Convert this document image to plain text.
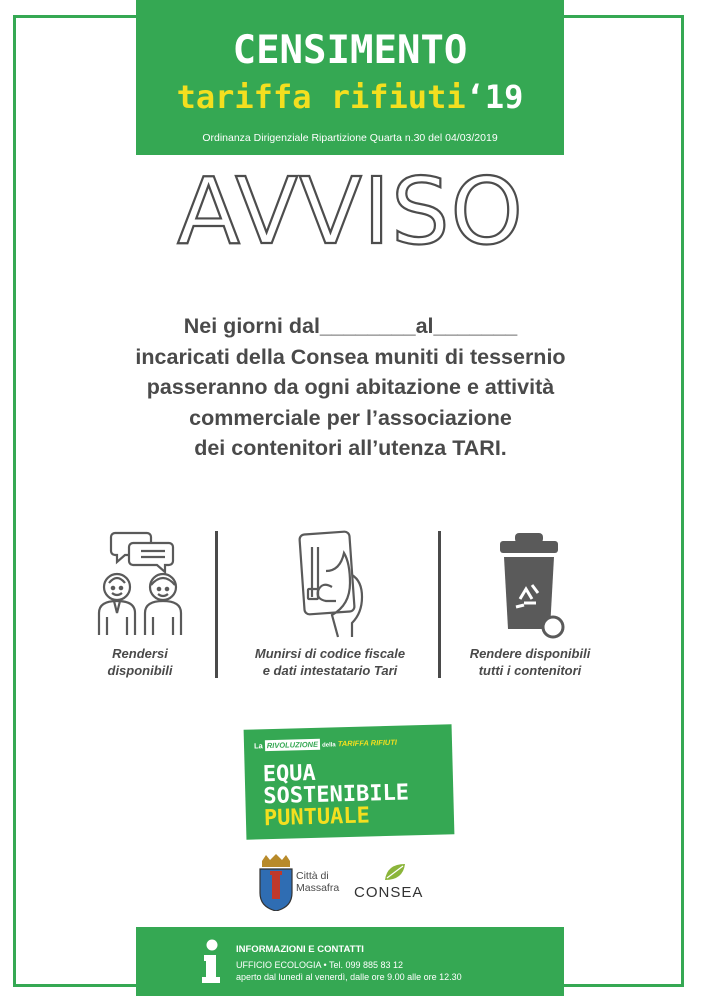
CENSIMENTO
tariffa rifiuti‘19
Ordinanza Dirigenziale Ripartizione Quarta n.30 del 04/03/2019
AVVISO
Nei giorni dal________al_______
incaricati della Consea muniti di tessernio
passeranno da ogni abitazione e attività
commerciale per l’associazione
dei contenitori all’utenza TARI.
Rendersi
disponibili
Munirsi di codice fiscale
e dati intestatario Tari
Rendere disponibili
tutti i contenitori
La RIVOLUZIONE della TARIFFA RIFIUTI
EQUA
SOSTENIBILE
PUNTUALE
Città di
Massafra CONSEA
INFORMAZIONI E CONTATTI
UFFICIO ECOLOGIA • Tel. 099 885 83 12
aperto dal lunedì al venerdì, dalle ore 9.00 alle ore 12.30
